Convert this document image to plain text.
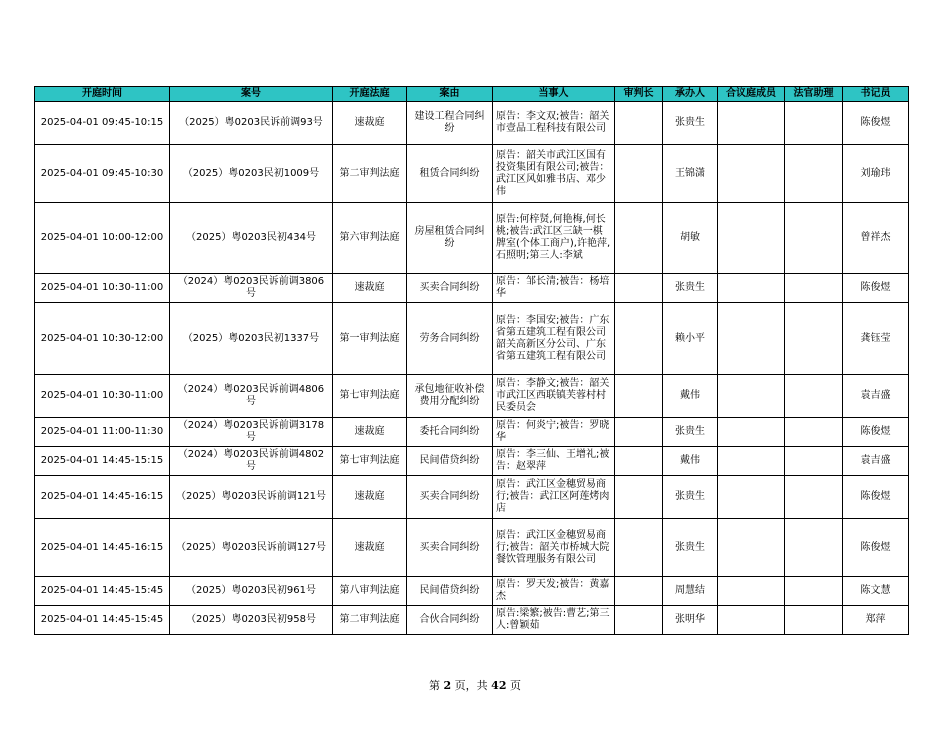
开庭时间	案号	开庭法庭	案由	当事人	审判长	承办人	合议庭成员	法官助理	书记员
2025-04-01 09:45-10:15	（2025）粤0203民诉前调93号	速裁庭	建设工程合同纠纷	原告：李文双;被告：韶关市壹品工程科技有限公司		张贵生			陈俊煜
2025-04-01 09:45-10:30	（2025）粤0203民初1009号	第二审判法庭	租赁合同纠纷	原告：韶关市武江区国有投资集团有限公司;被告：武江区风如雅书店、邓少伟		王锦潇			刘瑜玮
2025-04-01 10:00-12:00	（2025）粤0203民初434号	第六审判法庭	房屋租赁合同纠纷	原告:何梓贤,何艳梅,何长桃;被告:武江区三缺一棋牌室(个体工商户),许艳萍,石照明;第三人:李斌		胡敏			曾祥杰
2025-04-01 10:30-11:00	（2024）粤0203民诉前调3806号	速裁庭	买卖合同纠纷	原告：邹长清;被告：杨培华		张贵生			陈俊煜
2025-04-01 10:30-12:00	（2025）粤0203民初1337号	第一审判法庭	劳务合同纠纷	原告：李国安;被告：广东省第五建筑工程有限公司韶关高新区分公司、广东省第五建筑工程有限公司		赖小平			龚钰莹
2025-04-01 10:30-11:00	（2024）粤0203民诉前调4806号	第七审判法庭	承包地征收补偿费用分配纠纷	原告：李静文;被告：韶关市武江区西联镇芙蓉村村民委员会		戴伟			袁吉盛
2025-04-01 11:00-11:30	（2024）粤0203民诉前调3178号	速裁庭	委托合同纠纷	原告：何炎宁;被告：罗晓华		张贵生			陈俊煜
2025-04-01 14:45-15:15	（2024）粤0203民诉前调4802号	第七审判法庭	民间借贷纠纷	原告：李三仙、王增礼;被告：赵翠萍		戴伟			袁吉盛
2025-04-01 14:45-16:15	（2025）粤0203民诉前调121号	速裁庭	买卖合同纠纷	原告：武江区金穗贸易商行;被告：武江区阿莲烤肉店		张贵生			陈俊煜
2025-04-01 14:45-16:15	（2025）粤0203民诉前调127号	速裁庭	买卖合同纠纷	原告：武江区金穗贸易商行;被告：韶关市桥城大院餐饮管理服务有限公司		张贵生			陈俊煜
2025-04-01 14:45-15:45	（2025）粤0203民初961号	第八审判法庭	民间借贷纠纷	原告：罗天发;被告：黄嘉杰		周慧结			陈文慧
2025-04-01 14:45-15:45	（2025）粤0203民初958号	第二审判法庭	合伙合同纠纷	原告:梁繁;被告:曹艺;第三人:曾颖茹		张明华			郑萍
第 2 页，共 42 页
